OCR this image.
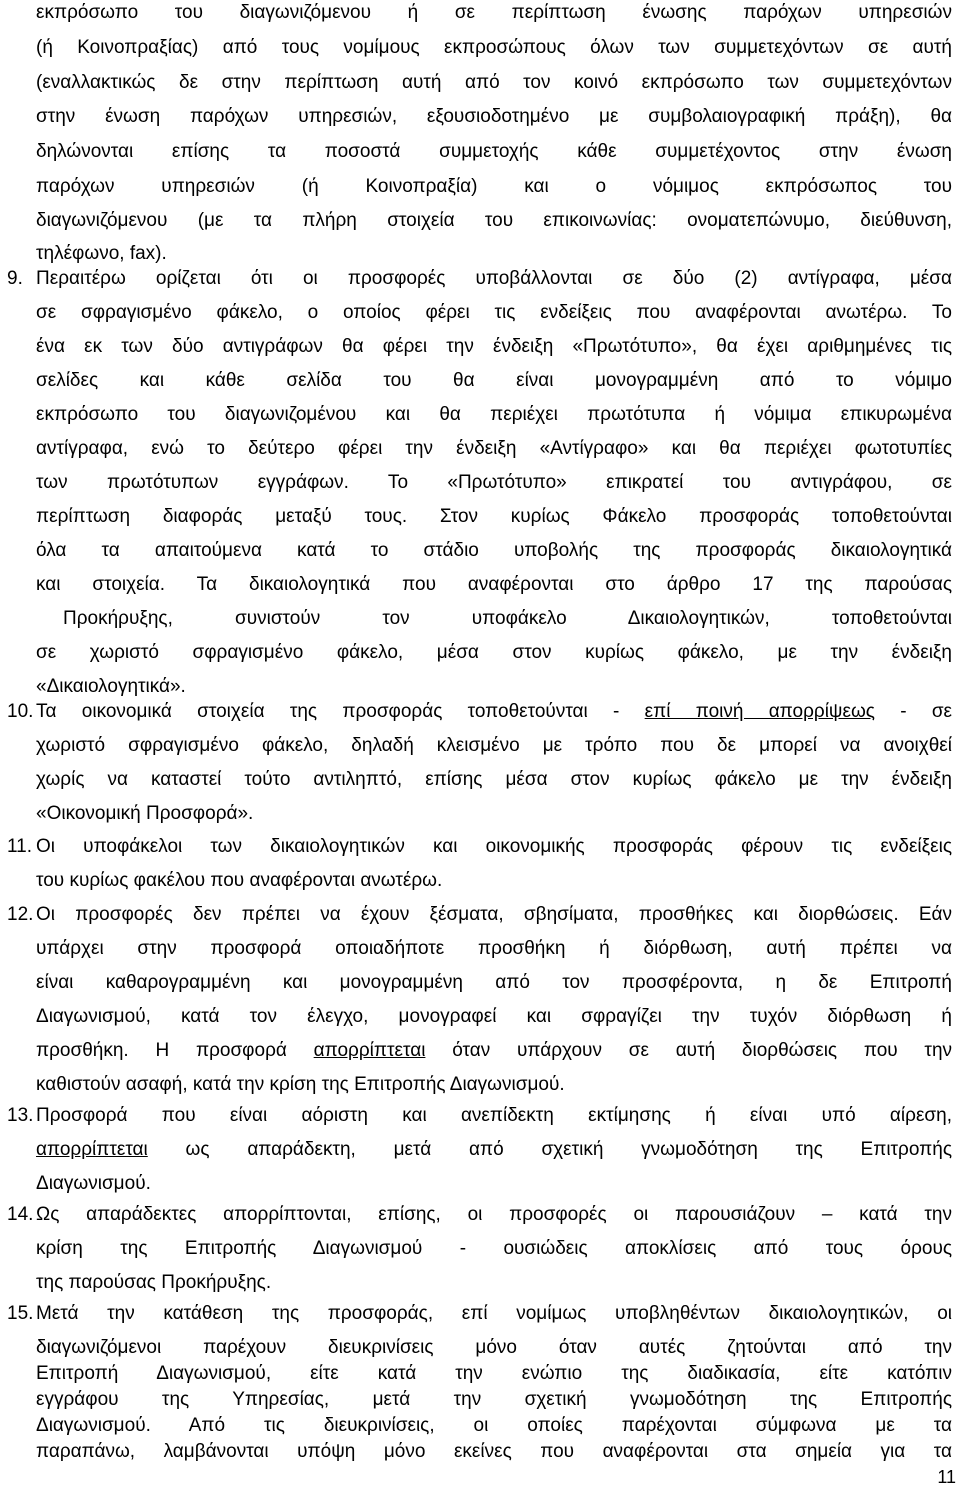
εκπρόσωπο του διαγωνιζόμενου ή σε περίπτωση ένωσης παρόχων υπηρεσιών
(ή Κοινοπραξίας) από τους νομίμους εκπροσώπους όλων των συμμετεχόντων σε αυτή
(εναλλακτικώς δε στην περίπτωση αυτή από τον κοινό εκπρόσωπο των συμμετεχόντων
στην ένωση παρόχων υπηρεσιών, εξουσιοδοτημένο με συμβολαιογραφική πράξη), θα
δηλώνονται επίσης τα ποσοστά συμμετοχής κάθε συμμετέχοντος στην ένωση
παρόχων υπηρεσιών (ή Κοινοπραξία) και ο νόμιμος εκπρόσωπος του
διαγωνιζόμενου (με τα πλήρη στοιχεία του επικοινωνίας: ονοματεπώνυμο, διεύθυνση,
τηλέφωνο, fax).
9. Περαιτέρω ορίζεται ότι οι προσφορές υποβάλλονται σε δύο (2) αντίγραφα, μέσα
σε σφραγισμένο φάκελο, ο οποίος φέρει τις ενδείξεις που αναφέρονται ανωτέρω. Το
ένα εκ των δύο αντιγράφων θα φέρει την ένδειξη «Πρωτότυπο», θα έχει αριθμημένες τις
σελίδες και κάθε σελίδα του θα είναι μονογραμμένη από το νόμιμο
εκπρόσωπο του διαγωνιζομένου και θα περιέχει πρωτότυπα ή νόμιμα επικυρωμένα
αντίγραφα, ενώ το δεύτερο φέρει την ένδειξη «Αντίγραφο» και θα περιέχει φωτοτυπίες
των πρωτότυπων εγγράφων. Το «Πρωτότυπο» επικρατεί του αντιγράφου, σε
περίπτωση διαφοράς μεταξύ τους. Στον κυρίως Φάκελο προσφοράς τοποθετούνται
όλα τα απαιτούμενα κατά το στάδιο υποβολής της προσφοράς δικαιολογητικά
και στοιχεία. Τα δικαιολογητικά που αναφέρονται στο άρθρο 17 της παρούσας
Προκήρυξης, συνιστούν τον υποφάκελο Δικαιολογητικών, τοποθετούνται
σε χωριστό σφραγισμένο φάκελο, μέσα στον κυρίως φάκελο, με την ένδειξη
«Δικαιολογητικά».
10. Τα οικονομικά στοιχεία της προσφοράς τοποθετούνται - επί ποινή απορρίψεως - σε
χωριστό σφραγισμένο φάκελο, δηλαδή κλεισμένο με τρόπο που δε μπορεί να ανοιχθεί
χωρίς να καταστεί τούτο αντιληπτό, επίσης μέσα στον κυρίως φάκελο με την ένδειξη
«Οικονομική Προσφορά».
11. Οι υποφάκελοι των δικαιολογητικών και οικονομικής προσφοράς φέρουν τις ενδείξεις
του κυρίως φακέλου που αναφέρονται ανωτέρω.
12. Οι προσφορές δεν πρέπει να έχουν ξέσματα, σβησίματα, προσθήκες και διορθώσεις. Εάν
υπάρχει στην προσφορά οποιαδήποτε προσθήκη ή διόρθωση, αυτή πρέπει να
είναι καθαρογραμμένη και μονογραμμένη από τον προσφέροντα, η δε Επιτροπή
Διαγωνισμού, κατά τον έλεγχο, μονογραφεί και σφραγίζει την τυχόν διόρθωση ή
προσθήκη. Η προσφορά απορρίπτεται όταν υπάρχουν σε αυτή διορθώσεις που την
καθιστούν ασαφή, κατά την κρίση της Επιτροπής Διαγωνισμού.
13. Προσφορά που είναι αόριστη και ανεπίδεκτη εκτίμησης ή είναι υπό αίρεση,
απορρίπτεται ως απαράδεκτη, μετά από σχετική γνωμοδότηση της Επιτροπής
Διαγωνισμού.
14. Ως απαράδεκτες απορρίπτονται, επίσης, οι προσφορές οι παρουσιάζουν – κατά την
κρίση της Επιτροπής Διαγωνισμού - ουσιώδεις αποκλίσεις από τους όρους
της παρούσας Προκήρυξης.
15. Μετά την κατάθεση της προσφοράς, επί νομίμως υποβληθέντων δικαιολογητικών, οι
διαγωνιζόμενοι παρέχουν διευκρινίσεις μόνο όταν αυτές ζητούνται από την
Επιτροπή Διαγωνισμού, είτε κατά την ενώπιο της διαδικασία, είτε κατόπιν
εγγράφου της Υπηρεσίας, μετά την σχετική γνωμοδότηση της Επιτροπής
Διαγωνισμού. Από τις διευκρινίσεις, οι οποίες παρέχονται σύμφωνα με τα
παραπάνω, λαμβάνονται υπόψη μόνο εκείνες που αναφέρονται στα σημεία για τα
11
